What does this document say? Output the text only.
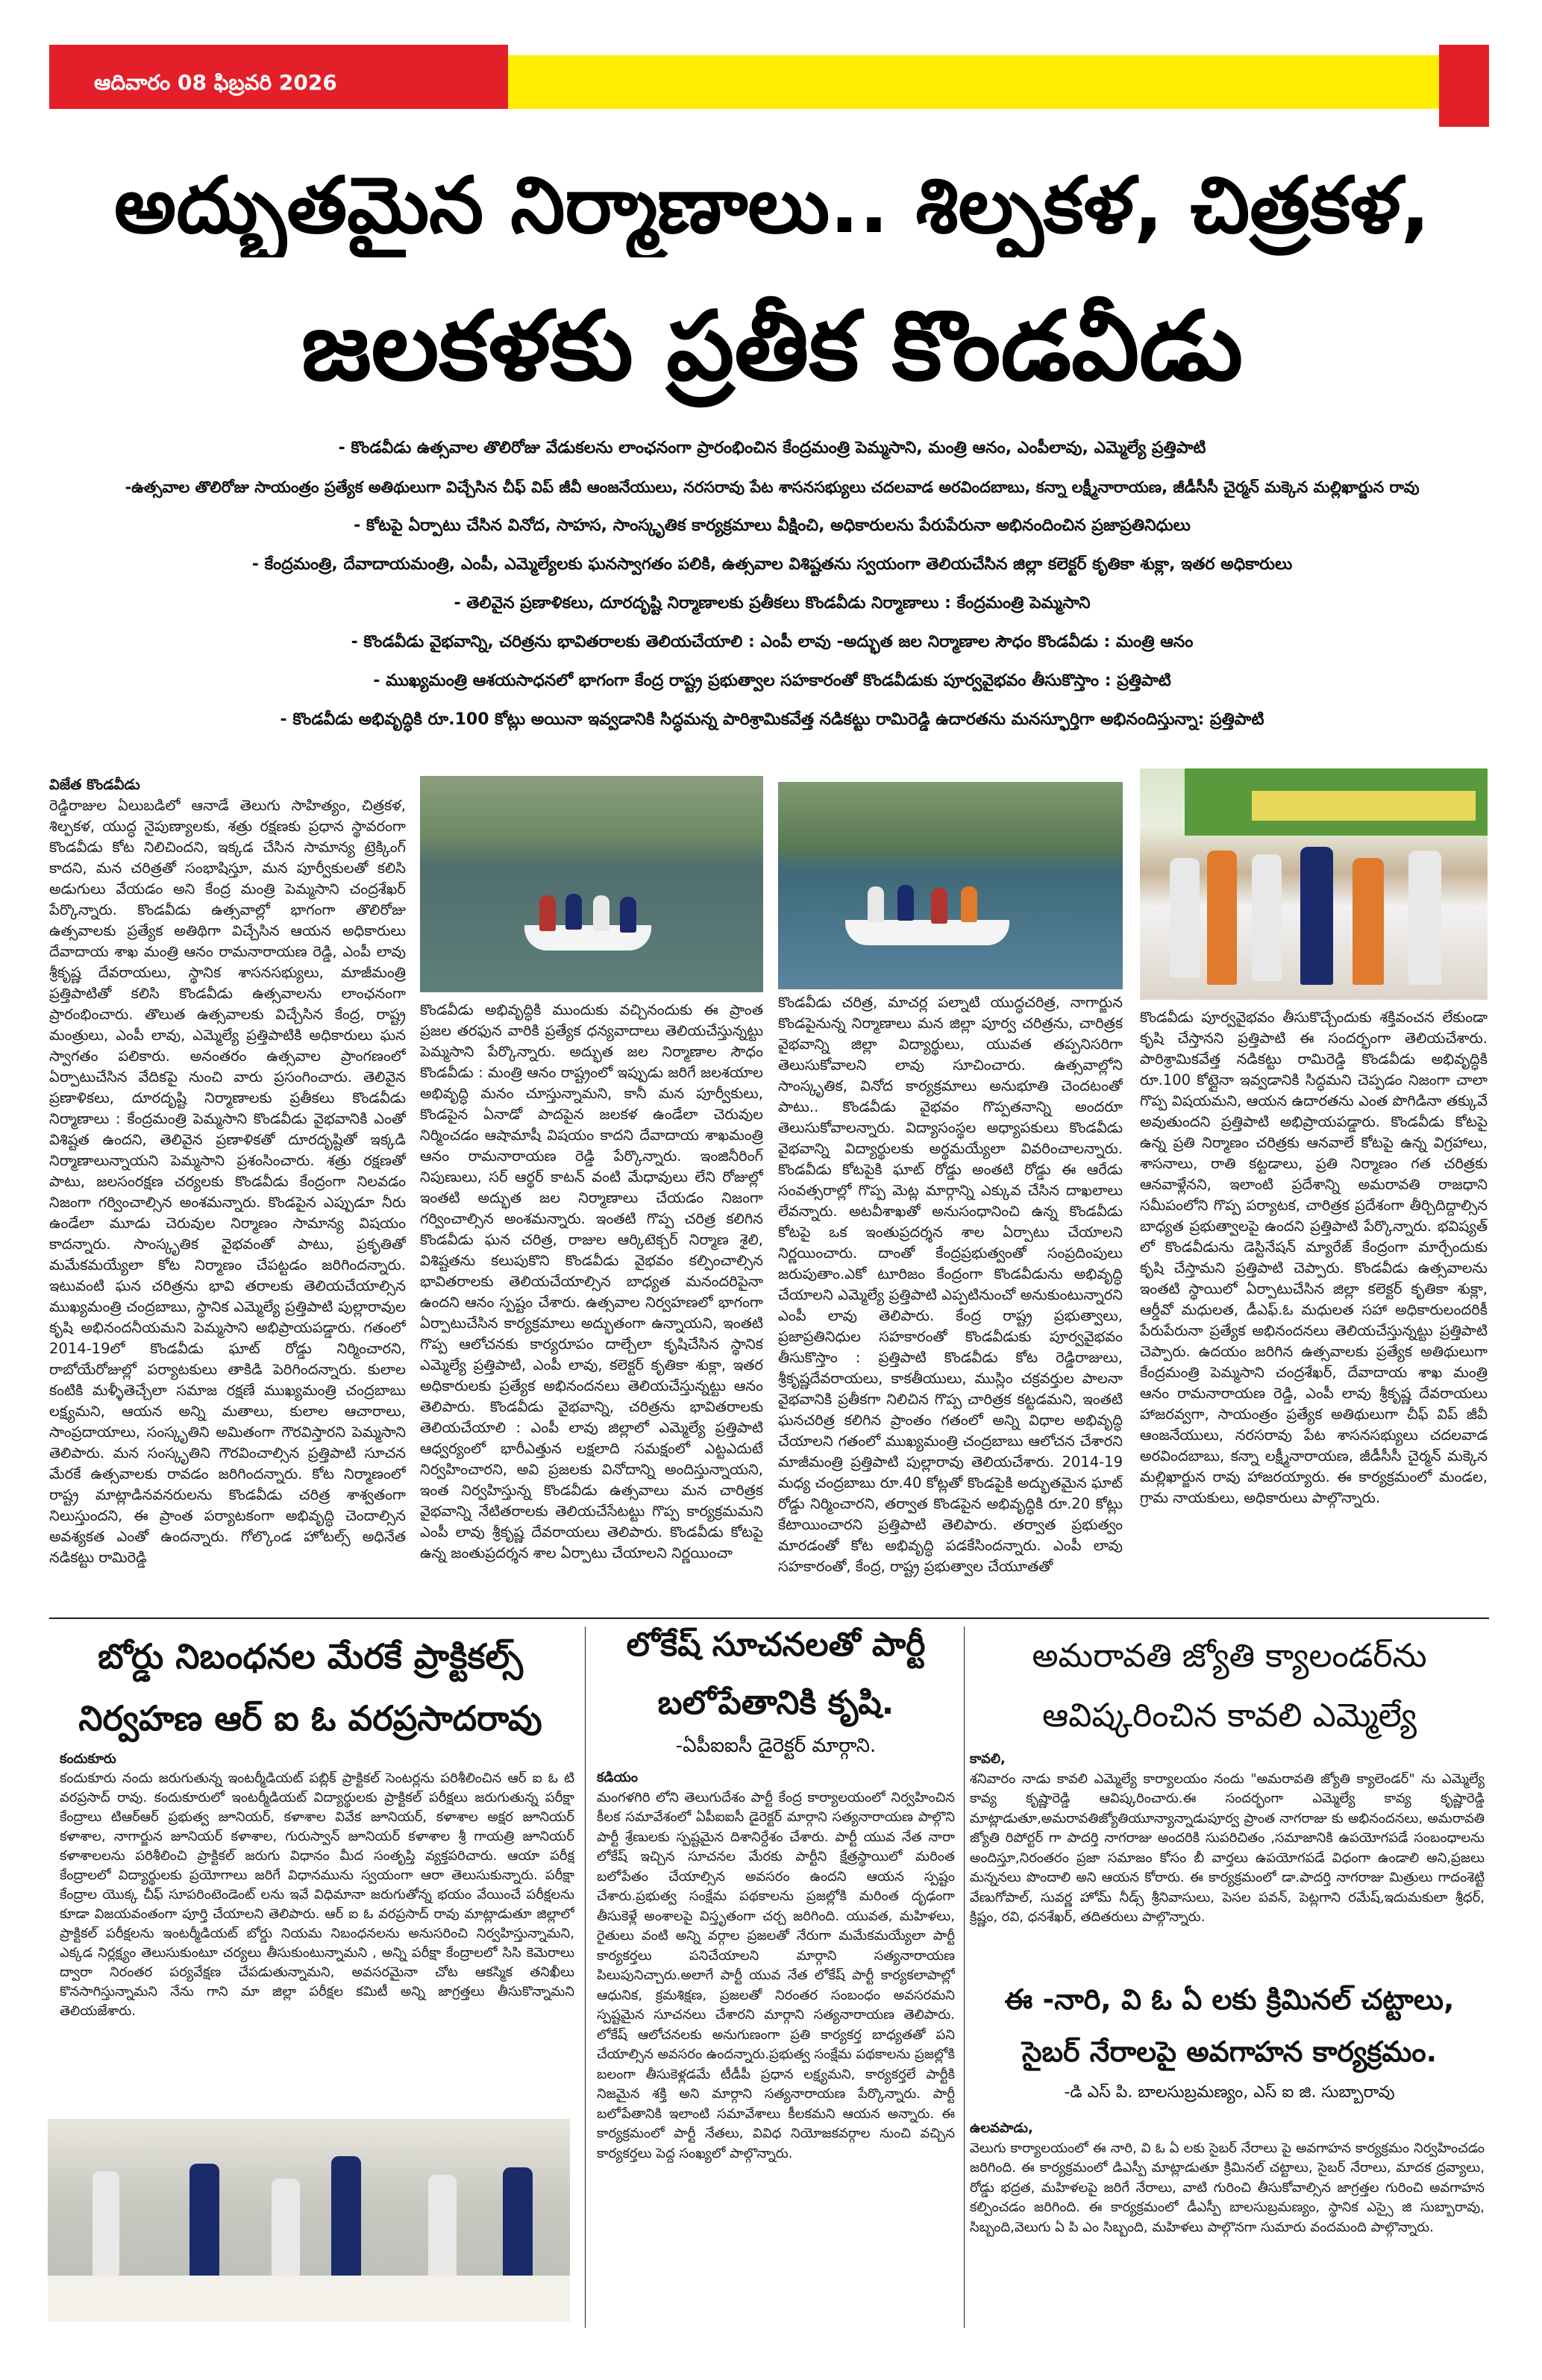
ఆదివారం 08 ఫిబ్రవరి 2026
అద్భుతమైన నిర్మాణాలు.. శిల్పకళ, చిత్రకళ,
జలకళకు ప్రతీక కొండవీడు
- కొండవీడు ఉత్సవాల తొలిరోజు వేడుకలను లాంఛనంగా ప్రారంభించిన కేంద్రమంత్రి పెమ్మసాని, మంత్రి ఆనం, ఎంపీలావు, ఎమ్మెల్యే ప్రత్తిపాటి
-ఉత్సవాల తొలిరోజు సాయంత్రం ప్రత్యేక అతిథులుగా విచ్చేసిన చీఫ్ విప్ జీవీ ఆంజనేయులు, నరసరావు పేట శాసనసభ్యులు చదలవాడ అరవిందబాబు, కన్నా లక్ష్మీనారాయణ, జీడీసీసీ చైర్మన్ మక్కెన మల్లిఖార్జున రావు
- కోటపై ఏర్పాటు చేసిన వినోద, సాహస, సాంస్కృతిక కార్యక్రమాలు వీక్షించి, అధికారులను పేరుపేరునా అభినందించిన ప్రజాప్రతినిధులు
- కేంద్రమంత్రి, దేవాదాయమంత్రి, ఎంపీ, ఎమ్మెల్యేలకు ఘనస్వాగతం పలికి, ఉత్సవాల విశిష్టతను స్వయంగా తెలియచేసిన జిల్లా కలెక్టర్ కృతికా శుక్లా, ఇతర అధికారులు
- తెలివైన ప్రణాళికలు, దూరదృష్టి నిర్మాణాలకు ప్రతీకలు కొండవీడు నిర్మాణాలు : కేంద్రమంత్రి పెమ్మసాని
- కొండవీడు వైభవాన్ని, చరిత్రను భావితరాలకు తెలియచేయాలి : ఎంపీ లావు -అద్భుత జల నిర్మాణాల సౌధం కొండవీడు : మంత్రి ఆనం
- ముఖ్యమంత్రి ఆశయసాధనలో భాగంగా కేంద్ర రాష్ట్ర ప్రభుత్వాల సహకారంతో కొండవీడుకు పూర్వవైభవం తీసుకొస్తాం : ప్రత్తిపాటి
- కొండవీడు అభివృద్ధికి రూ.100 కోట్లు అయినా ఇవ్వడానికి సిద్ధమన్న పారిశ్రామికవేత్త నడికట్టు రామిరెడ్డి ఉదారతను మనస్ఫూర్తిగా అభినందిస్తున్నా: ప్రత్తిపాటి

విజేత కొండవీడు

రెడ్డిరాజుల ఏలుబడిలో ఆనాడే తెలుగు సాహిత్యం, చిత్రకళ, శిల్పకళ, యుద్ధ నైపుణ్యాలకు, శత్రు రక్షణకు ప్రధాన స్థావరంగా కొండవీడు కోట నిలిచిందని, ఇక్కడ చేసిన సామాన్య ట్రెక్కింగ్ కాదని, మన చరిత్రతో సంభాషిస్తూ, మన పూర్వీకులతో కలిసి అడుగులు వేయడం అని కేంద్ర మంత్రి పెమ్మసాని చంద్రశేఖర్ పేర్కొన్నారు. కొండవీడు ఉత్సవాల్లో భాగంగా తొలిరోజు ఉత్సవాలకు ప్రత్యేక అతిథిగా విచ్చేసిన ఆయన అధికారులు దేవాదాయ శాఖ మంత్రి ఆనం రామనారాయణ రెడ్డి, ఎంపీ లావు శ్రీకృష్ణ దేవరాయలు, స్థానిక శాసనసభ్యులు, మాజీమంత్రి ప్రత్తిపాటితో కలిసి కొండవీడు ఉత్సవాలను లాంఛనంగా ప్రారంభించారు. తొలుత ఉత్సవాలకు విచ్చేసిన కేంద్ర, రాష్ట్ర మంత్రులు, ఎంపీ లావు, ఎమ్మెల్యే ప్రత్తిపాటికి అధికారులు ఘన స్వాగతం పలికారు. అనంతరం ఉత్సవాల ప్రాంగణంలో ఏర్పాటుచేసిన వేదికపై నుంచి వారు ప్రసంగించారు. తెలివైన ప్రణాళికలు, దూరదృష్టి నిర్మాణాలకు ప్రతీకలు కొండవీడు నిర్మాణాలు : కేంద్రమంత్రి పెమ్మసాని కొండవీడు వైభవానికి ఎంతో విశిష్టత ఉందని, తెలివైన ప్రణాళికతో దూరదృష్టితో ఇక్కడి నిర్మాణాలున్నాయని పెమ్మసాని ప్రశంసించారు. శత్రు రక్షణతో పాటు, జలసంరక్షణ చర్యలకు కొండవీడు కేంద్రంగా నిలవడం నిజంగా గర్వించాల్సిన అంశమన్నారు. కొండపైన ఎప్పుడూ నీరు ఉండేలా మూడు చెరువుల నిర్మాణం సామాన్య విషయం కాదన్నారు. సాంస్కృతిక వైభవంతో పాటు, ప్రకృతితో మమేకమయ్యేలా కోట నిర్మాణం చేపట్టడం జరిగిందన్నారు. ఇటువంటి ఘన చరిత్రను భావి తరాలకు తెలియచేయాల్సిన ముఖ్యమంత్రి చంద్రబాబు, స్థానిక ఎమ్మెల్యే ప్రత్తిపాటి పుల్లారావుల కృషి అభినందనీయమని పెమ్మసాని అభిప్రాయపడ్డారు. గతంలో 2014-19లో కొండవీడు ఘాట్ రోడ్డు నిర్మించారని, రాబోయేరోజుల్లో పర్యాటకులు తాకిడి పెరిగిందన్నారు. కులాల కంటికి మళ్ళీతెచ్చేలా సమాజ రక్షణే ముఖ్యమంత్రి చంద్రబాబు లక్ష్యమని, ఆయన అన్ని మతాలు, కులాల ఆచారాలు, సాంప్రదాయాలు, సంస్కృతిని అమితంగా గౌరవిస్తారని పెమ్మసాని తెలిపారు. మన సంస్కృతిని గౌరవించాల్సిన ప్రత్తిపాటి సూచన మేరకే ఉత్సవాలకు రావడం జరిగిందన్నారు. కోట నిర్మాణంలో రాష్ట్ర మాట్లాడినవనరులను కొండవీడు చరిత్ర శాశ్వతంగా నిలుస్తుందని, ఈ ప్రాంత పర్యాటకంగా అభివృద్ధి చెందాల్సిన అవశ్యకత ఎంతో ఉందన్నారు. గోల్కొండ హోటల్స్ అధినేత నడికట్టు రామిరెడ్డి

కొండవీడు అభివృద్ధికి ముందుకు వచ్చినందుకు ఈ ప్రాంత ప్రజల తరఫున వారికి ప్రత్యేక ధన్యవాదాలు తెలియచేస్తున్నట్టు పెమ్మసాని పేర్కొన్నారు. అద్భుత జల నిర్మాణాల సౌధం కొండవీడు : మంత్రి ఆనం రాష్ట్రంలో ఇప్పుడు జరిగే జలశయాల అభివృద్ధి మనం చూస్తున్నామని, కానీ మన పూర్వీకులు, కొండపైన ఏనాడో పాదపైన జలకళ ఉండేలా చెరువుల నిర్మించడం ఆషామాషీ విషయం కాదని దేవాదాయ శాఖమంత్రి ఆనం రామనారాయణ రెడ్డి పేర్కొన్నారు. ఇంజినీరింగ్ నిపుణులు, సర్ ఆర్థర్ కాటన్ వంటి మేధావులు లేని రోజుల్లో ఇంతటి అద్భుత జల నిర్మాణాలు చేయడం నిజంగా గర్వించాల్సిన అంశమన్నారు. ఇంతటి గొప్ప చరిత్ర కలిగిన కొండవీడు ఘన చరిత్ర, రాజుల ఆర్కిటెక్చర్ నిర్మాణ శైలి, విశిష్టతను కలుపుకొని కొండవీడు వైభవం కల్పించాల్సిన భావితరాలకు తెలియచేయాల్సిన బాధ్యత మనందరిపైనా ఉందని ఆనం స్పష్టం చేశారు. ఉత్సవాల నిర్వహణలో భాగంగా ఏర్పాటుచేసిన కార్యక్రమాలు అద్భుతంగా ఉన్నాయని, ఇంతటి గొప్ప ఆలోచనకు కార్యరూపం దాల్చేలా కృషిచేసిన స్థానిక ఎమ్మెల్యే ప్రత్తిపాటి, ఎంపీ లావు, కలెక్టర్ కృతికా శుక్లా, ఇతర అధికారులకు ప్రత్యేక అభినందనలు తెలియచేస్తున్నట్టు ఆనం తెలిపారు. కొండవీడు వైభవాన్ని, చరిత్రను భావితరాలకు తెలియచేయాలి : ఎంపీ లావు జిల్లాలో ఎమ్మెల్యే ప్రత్తిపాటి ఆధ్వర్యంలో భారీఎత్తున లక్షలాది సమక్షంలో ఎట్టఎదుటే నిర్వహించారని, అవి ప్రజలకు వినోదాన్ని అందిస్తున్నాయని, ఇంత నిర్వహిస్తున్న కొండవీడు ఉత్సవాలు మన చారిత్రక వైభవాన్ని నేటితరాలకు తెలియచేసేటట్టు గొప్ప కార్యక్రమమని ఎంపీ లావు శ్రీకృష్ణ దేవరాయలు తెలిపారు. కొండవీడు కోటపై ఉన్న జంతుప్రదర్శన శాల ఏర్పాటు చేయాలని నిర్ణయించా

కొండవీడు చరిత్ర, మాచర్ల పల్నాటి యుద్ధచరిత్ర, నాగార్జున కొండపైనున్న నిర్మాణాలు మన జిల్లా పూర్వ చరిత్రను, చారిత్రక వైభవాన్ని జిల్లా విద్యార్థులు, యువత తప్పనిసరిగా తెలుసుకోవాలని లావు సూచించారు. ఉత్సవాల్లోని సాంస్కృతిక, వినోద కార్యక్రమాలు అనుభూతి చెందటంతో పాటు.. కొండవీడు వైభవం గొప్పతనాన్ని అందరూ తెలుసుకోవాలన్నారు. విద్యాసంస్థల అధ్యాపకులు కొండవీడు వైభవాన్ని విద్యార్థులకు అర్థమయ్యేలా వివరించాలన్నారు. కొండవీడు కోటపైకి ఘాట్ రోడ్డు అంతటి రోడ్డు ఈ ఆరేడు సంవత్సరాల్లో గొప్ప మెట్ల మార్గాన్ని ఎక్కువ చేసిన దాఖలాలు లేవన్నారు. అటవీశాఖతో అనుసంధానించి ఉన్న కొండవీడు కోటపై ఒక ఇంతుప్రదర్శన శాల ఏర్పాటు చేయాలని నిర్ణయించారు. దాంతో కేంద్రప్రభుత్వంతో సంప్రదింపులు జరుపుతాం.ఎకో టూరిజం కేంద్రంగా కొండవీడును అభివృద్ధి చేయాలని ఎమ్మెల్యే ప్రత్తిపాటి ఎప్పటినుంచో అనుకుంటున్నారని ఎంపీ లావు తెలిపారు. కేంద్ర రాష్ట్ర ప్రభుత్వాలు, ప్రజాప్రతినిధుల సహకారంతో కొండవీడుకు పూర్వవైభవం తీసుకొస్తాం : ప్రత్తిపాటి కొండవీడు కోట రెడ్డిరాజులు, శ్రీకృష్ణదేవరాయలు, కాకతీయులు, ముస్లిం చక్రవర్తుల పాలనా వైభవానికి ప్రతీకగా నిలిచిన గొప్ప చారిత్రక కట్టడమని, ఇంతటి ఘనచరిత్ర కలిగిన ప్రాంతం గతంలో అన్ని విధాల అభివృద్ధి చేయాలని గతంలో ముఖ్యమంత్రి చంద్రబాబు ఆలోచన చేశారని మాజీమంత్రి ప్రత్తిపాటి పుల్లారావు తెలియచేశారు. 2014-19 మధ్య చంద్రబాబు రూ.40 కోట్లతో కొండపైకి అద్భుతమైన ఘాట్ రోడ్డు నిర్మించారని, తర్వాత కొండపైన అభివృద్ధికి రూ.20 కోట్లు కేటాయించారని ప్రత్తిపాటి తెలిపారు. తర్వాత ప్రభుత్వం మారడంతో కోట అభివృద్ధి పడకేసిందన్నారు. ఎంపీ లావు సహకారంతో, కేంద్ర, రాష్ట్ర ప్రభుత్వాల చేయూతతో

కొండవీడు పూర్వవైభవం తీసుకొచ్చేందుకు శక్తివంచన లేకుండా కృషి చేస్తానని ప్రత్తిపాటి ఈ సందర్భంగా తెలియచేశారు. పారిశ్రామికవేత్త నడికట్టు రామిరెడ్డి కొండవీడు అభివృద్ధికి రూ.100 కోట్లైనా ఇవ్వడానికి సిద్ధమని చెప్పడం నిజంగా చాలా గొప్ప విషయమని, ఆయన ఉదారతను ఎంత పొగిడినా తక్కువే అవుతుందని ప్రత్తిపాటి అభిప్రాయపడ్డారు. కొండవీడు కోటపై ఉన్న ప్రతి నిర్మాణం చరిత్రకు ఆనవాలే కోటపై ఉన్న విగ్రహాలు, శాసనాలు, రాతి కట్టడాలు, ప్రతి నిర్మాణం గత చరిత్రకు ఆనవాళ్లేనని, ఇలాంటి ప్రదేశాన్ని అమరావతి రాజధాని సమీపంలోని గొప్ప పర్యాటక, చారిత్రక ప్రదేశంగా తీర్చిదిద్దాల్సిన బాధ్యత ప్రభుత్వాలపై ఉందని ప్రత్తిపాటి పేర్కొన్నారు. భవిష్యత్ లో కొండవీడును డెస్టినేషన్ మ్యారేజ్ కేంద్రంగా మార్చేందుకు కృషి చేస్తామని ప్రత్తిపాటి చెప్పారు. కొండవీడు ఉత్సవాలను ఇంతటి స్థాయిలో ఏర్పాటుచేసిన జిల్లా కలెక్టర్ కృతికా శుక్లా, ఆర్డీవో మధులత, డీఎఫ్.ఓ మధులత సహా అధికారులందరికీ పేరుపేరునా ప్రత్యేక అభినందనలు తెలియచేస్తున్నట్టు ప్రత్తిపాటి చెప్పారు. ఉదయం జరిగిన ఉత్సవాలకు ప్రత్యేక అతిథులుగా కేంద్రమంత్రి పెమ్మసాని చంద్రశేఖర్, దేవాదాయ శాఖ మంత్రి ఆనం రామనారాయణ రెడ్డి, ఎంపీ లావు శ్రీకృష్ణ దేవరాయలు హాజరవ్వగా, సాయంత్రం ప్రత్యేక అతిథులుగా చీఫ్ విప్ జీవీ ఆంజనేయులు, నరసరావు పేట శాసనసభ్యులు చదలవాడ అరవిందబాబు, కన్నా లక్ష్మీనారాయణ, జీడీసీసీ చైర్మన్ మక్కెన మల్లిఖార్జున రావు హాజరయ్యారు. ఈ కార్యక్రమంలో మండల, గ్రామ నాయకులు, అధికారులు పాల్గొన్నారు.

బోర్డు నిబంధనల మేరకే ప్రాక్టికల్స్
నిర్వహణ ఆర్ ఐ ఓ వరప్రసాదరావు

కందుకూరు

కందుకూరు నందు జరుగుతున్న ఇంటర్మీడియట్ పబ్లిక్ ప్రాక్టికల్ సెంటర్లను పరిశీలించిన ఆర్ ఐ ఓ టి వరప్రసాద్ రావు. కందుకూరులో ఇంటర్మీడియట్ విద్యార్థులకు ప్రాక్టికల్ పరీక్షలు జరుగుతున్న పరీక్షా కేంద్రాలు టిఆర్ఆర్ ప్రభుత్వ జూనియర్, కళాశాల వివేక జూనియర్, కళాశాల అక్షర జూనియర్ కళాశాల, నాగార్జున జూనియర్ కళాశాల, గురుస్వాన్ జూనియర్ కళాశాల శ్రీ గాయత్రి జూనియర్ కళాశాలలను పరిశీలించి ప్రాక్టికల్ జరుగు విధానం మీద సంతృప్తి వ్యక్తపరిచారు. ఆయా పరీక్ష కేంద్రాలలో విద్యార్థులకు ప్రయోగాలు జరిగే విధానమును స్వయంగా ఆరా తెలుసుకున్నారు. పరీక్షా కేంద్రాల యొక్క చీఫ్ సూపరింటెండెంట్ లను ఇవే విధిమానా జరుగుతోన్న భయం వేయించే పరీక్షలను కూడా విజయవంతంగా పూర్తి చేయాలని తెలిపారు. ఆర్ ఐ ఓ వరప్రసాద్ రావు మాట్లాడుతూ జిల్లాలో ప్రాక్టికల్ పరీక్షలను ఇంటర్మీడియట్ బోర్డు నియమ నిబంధనలను అనుసరించి నిర్వహిస్తున్నామని, ఎక్కడ నిర్లక్ష్యం తెలుసుకుంటూ చర్యలు తీసుకుంటున్నామని , అన్ని పరీక్షా కేంద్రాలలో సిసి కెమెరాలు ద్వారా నిరంతర పర్యవేక్షణ చేపడుతున్నామని, అవసరమైనా చోట ఆకస్మిక తనిఖీలు కొనసాగిస్తున్నామని నేను గాని మా జిల్లా పరీక్షల కమిటీ అన్ని జాగ్రత్తలు తీసుకొన్నామని తెలియజేశారు.

లోకేష్ సూచనలతో పార్టీ
బలోపేతానికి కృషి.
-ఏపీఐఐసీ డైరెక్టర్ మార్గాని.

కడియం

మంగళగిరి లోని తెలుగుదేశం పార్టీ కేంద్ర కార్యాలయంలో నిర్వహించిన కీలక సమావేశంలో ఏపీఐఐసీ డైరెక్టర్ మార్గాని సత్యనారాయణ పాల్గొని పార్టీ శ్రేణులకు స్పష్టమైన దిశానిర్దేశం చేశారు. పార్టీ యువ నేత నారా లోకేష్ ఇచ్చిన సూచనల మేరకు పార్టీని క్షేత్రస్థాయిలో మరింత బలోపేతం చేయాల్సిన అవసరం ఉందని ఆయన స్పష్టం చేశారు.ప్రభుత్వ సంక్షేమ పథకాలను ప్రజల్లోకి మరింత దృఢంగా తీసుకెళ్లే అంశాలపై విస్తృతంగా చర్చ జరిగింది. యువత, మహిళలు, రైతులు వంటి అన్ని వర్గాల ప్రజలతో నేరుగా మమేకమయ్యేలా పార్టీ కార్యకర్తలు పనిచేయాలని మార్గాని సత్యనారాయణ పిలుపునిచ్చారు.అలాగే పార్టీ యువ నేత లోకేష్ పార్టీ కార్యకలాపాల్లో ఆధునిక, క్రమశిక్షణ, ప్రజలతో నిరంతర సంబంధం అవసరమని స్పష్టమైన సూచనలు చేశారని మార్గాని సత్యనారాయణ తెలిపారు. లోకేష్ ఆలోచనలకు అనుగుణంగా ప్రతి కార్యకర్త బాధ్యతతో పని చేయాల్సిన అవసరం ఉందన్నారు.ప్రభుత్వ సంక్షేమ పథకాలను ప్రజల్లోకి బలంగా తీసుకెళ్లడమే టీడీపీ ప్రధాన లక్ష్యమని, కార్యకర్తలే పార్టీకి నిజమైన శక్తి అని మార్గాని సత్యనారాయణ పేర్కొన్నారు. పార్టీ బలోపేతానికి ఇలాంటి సమావేశాలు కీలకమని ఆయన అన్నారు. ఈ కార్యక్రమంలో పార్టీ నేతలు, వివిధ నియోజకవర్గాల నుంచి వచ్చిన కార్యకర్తలు పెద్ద సంఖ్యలో పాల్గొన్నారు.

అమరావతి జ్యోతి క్యాలండర్‌ను
ఆవిష్కరించిన కావలి ఎమ్మెల్యే

కావలి,

శనివారం నాడు కావలి ఎమ్మెల్యే కార్యాలయం నందు "అమరావతి జ్యోతి క్యాలెండర్" ను ఎమ్మెల్యే కావ్య కృష్ణారెడ్డి ఆవిష్కరించారు.ఈ సందర్భంగా ఎమ్మెల్యే కావ్య కృష్ణారెడ్డి మాట్లాడుతూ,అమరావతిజ్యోతియూన్యాన్నాడుపూర్వ ప్రాంత నాగరాజు కు అభినందనలు, అమరావతి జ్యోతి రిపోర్టర్ గా పాదర్తి నాగరాజు అందరికి సుపరిచితం ,సమాజానికి ఉపయోగపడే సంబంధాలను అందిస్తూ,నిరంతరం ప్రజా సమాజం కోసం బీ వార్తలు ఉపయోగపడే విధంగా ఉండాలి అని,ప్రజలు మన్ననలు పొందాలి అని ఆయన కోరారు. ఈ కార్యక్రమంలో డా.పాదర్తి నాగరాజు మిత్రులు గాదంశెట్టి వేణుగోపాల్, సువర్ణ హోమ్ నీడ్స్ శ్రీనివాసులు, పెసల పవన్, పెట్లగాని రమేష్,ఇదుమకులా శ్రీధర్, క్రిష్ణం, రవి, ధనశేఖర్, తదితరులు పాల్గొన్నారు.

ఈ -నారి, వి ఓ ఏ లకు క్రిమినల్ చట్టాలు,
సైబర్ నేరాలపై అవగాహన కార్యక్రమం.
-డి ఎస్ పి. బాలసుబ్రమణ్యం, ఎస్ ఐ జి. సుబ్బారావు

ఉలవపాడు,

వెలుగు కార్యాలయంలో ఈ నారి, వి ఓ ఏ లకు సైబర్ నేరాలు పై అవగాహన కార్యక్రమం నిర్వహించడం జరిగింది. ఈ కార్యక్రమంలో డిఎస్పీ మాట్లాడుతూ క్రిమినల్ చట్టాలు, సైబర్ నేరాలు, మాదక ద్రవ్యాలు, రోడ్డు భద్రత, మహిళలపై జరిగే నేరాలు, వాటి గురించి తీసుకోవాల్సిన జాగ్రత్తల గురించి అవగాహన కల్పించడం జరిగింది. ఈ కార్యక్రమంలో డీఎస్పీ బాలసుబ్రమణ్యం, స్థానిక ఎస్సై జి సుబ్బారావు, సిబ్బంది,వెలుగు ఏ పి ఎం సిబ్బంది, మహిళలు పాల్గొనగా సుమారు వందమంది పాల్గొన్నారు.
